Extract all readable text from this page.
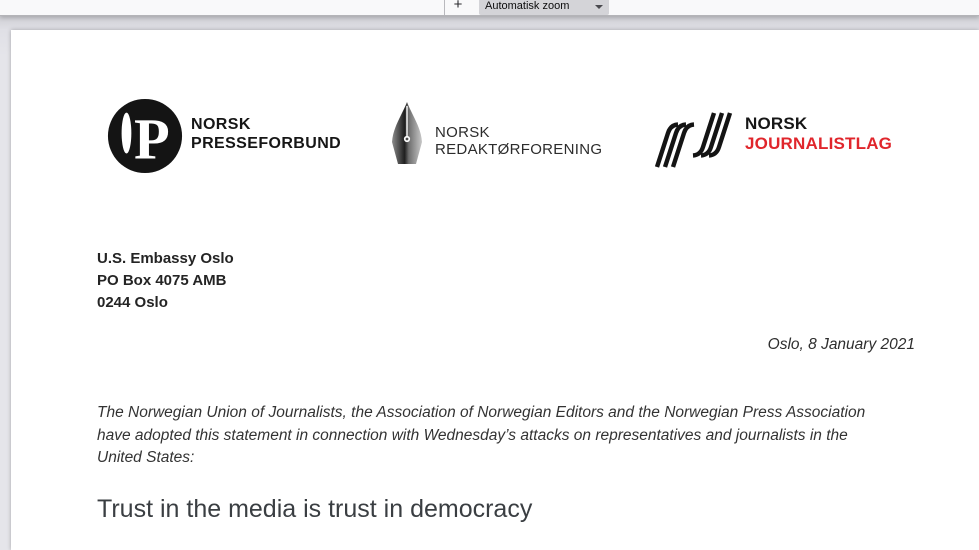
+	Automatisk zoom
P NORSK
PRESSEFORBUND
NORSK
REDAKTØRFORENING
NORSK
JOURNALISTLAG
U.S. Embassy Oslo
PO Box 4075 AMB
0244 Oslo
Oslo, 8 January 2021
The Norwegian Union of Journalists, the Association of Norwegian Editors and the Norwegian Press Association have adopted this statement in connection with Wednesday’s attacks on representatives and journalists in the United States:
Trust in the media is trust in democracy
